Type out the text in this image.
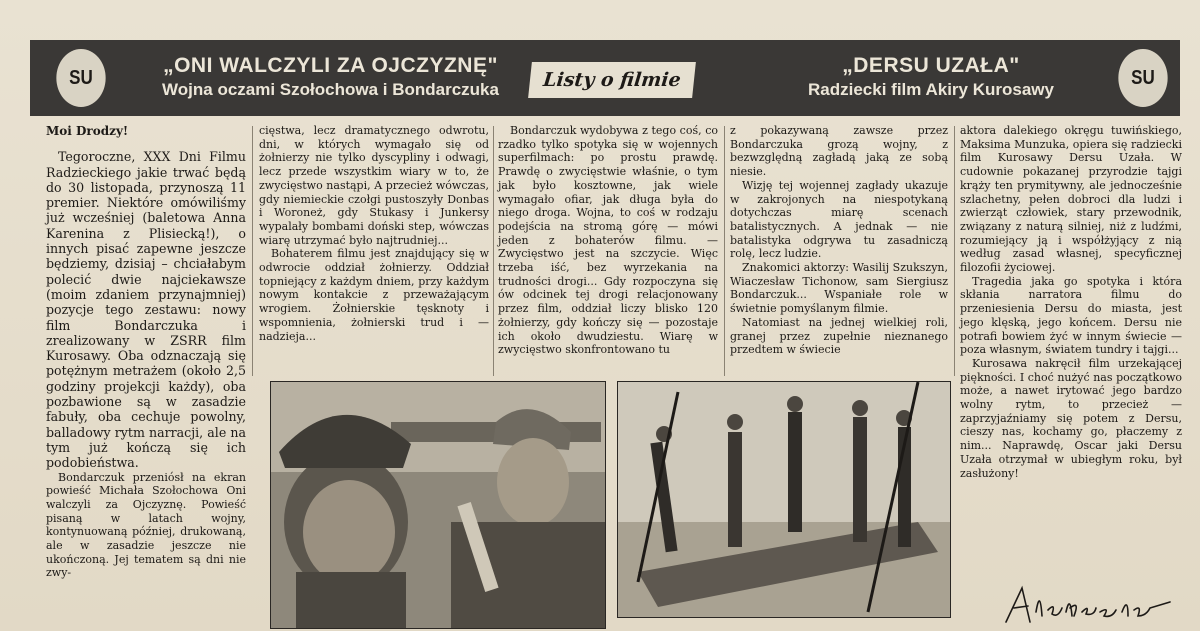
SU
„ONI WALCZYLI ZA OJCZYZNĘ"
Wojna oczami Szołochowa i Bondarczuka	Listy o filmie
„DERSU UZAŁA"
Radziecki film Akiry Kurosawy
SU

Moi Drodzy!

Tegoroczne, XXX Dni Filmu Radzieckiego jakie trwać będą do 30 listopada, przynoszą 11 premier. Niektóre omówiliśmy już wcześniej (baletowa Anna Karenina z Plisiecką!), o innych pisać zapewne jeszcze będziemy, dzisiaj – chciałabym polecić dwie najciekawsze (moim zdaniem przynajmniej) pozycje tego zestawu: nowy film Bondarczuka i zrealizowany w ZSRR film Kurosawy. Oba odznaczają się potężnym metrażem (około 2,5 godziny projekcji każdy), oba pozbawione są w zasadzie fabuły, oba cechuje powolny, balladowy rytm narracji, ale na tym już kończą się ich podobieństwa.

Bondarczuk przeniósł na ekran powieść Michała Szołochowa Oni walczyli za Ojczyznę. Powieść pisaną w latach wojny, kontynuowaną później, drukowaną, ale w zasadzie jeszcze nie ukończoną. Jej tematem są dni nie zwy-

cięstwa, lecz dramatycznego odwrotu, dni, w których wymagało się od żołnierzy nie tylko dyscypliny i odwagi, lecz przede wszystkim wiary w to, że zwycięstwo nastąpi, A przecież wówczas, gdy niemieckie czołgi pustoszyły Donbas i Woroneż, gdy Stukasy i Junkersy wypalały bombami doński step, wówczas wiarę utrzymać było najtrudniej...

Bohaterem filmu jest znajdujący się w odwrocie oddział żołnierzy. Oddział topniejący z każdym dniem, przy każdym nowym kontakcie z przeważającym wrogiem. Żołnierskie tęsknoty i wspomnienia, żołnierski trud i — nadzieja...

Bondarczuk wydobywa z tego coś, co rzadko tylko spotyka się w wojennych superfilmach: po prostu prawdę. Prawdę o zwycięstwie właśnie, o tym jak było kosztowne, jak wiele wymagało ofiar, jak długa była do niego droga. Wojna, to coś w rodzaju podejścia na stromą górę — mówi jeden z bohaterów filmu. — Zwycięstwo jest na szczycie. Więc trzeba iść, bez wyrzekania na trudności drogi... Gdy rozpoczyna się ów odcinek tej drogi relacjonowany przez film, oddział liczy blisko 120 żołnierzy, gdy kończy się — pozostaje ich około dwudziestu. Wiarę w zwycięstwo skonfrontowano tu

z pokazywaną zawsze przez Bondarczuka grozą wojny, z bezwzględną zagładą jaką ze sobą niesie.

Wizję tej wojennej zagłady ukazuje w zakrojonych na niespotykaną dotychczas miarę scenach batalistycznych. A jednak — nie batalistyka odgrywa tu zasadniczą rolę, lecz ludzie.

Znakomici aktorzy: Wasilij Szukszyn, Wiaczesław Tichonow, sam Siergiusz Bondarczuk... Wspaniałe role w świetnie pomyślanym filmie.

Natomiast na jednej wielkiej roli, granej przez zupełnie nieznanego przedtem w świecie

aktora dalekiego okręgu tuwińskiego, Maksima Munzuka, opiera się radziecki film Kurosawy Dersu Uzała. W cudownie pokazanej przyrodzie tajgi krąży ten prymitywny, ale jednocześnie szlachetny, pełen dobroci dla ludzi i zwierząt człowiek, stary przewodnik, związany z naturą silniej, niż z ludźmi, rozumiejący ją i współżyjący z nią według zasad własnej, specyficznej filozofii życiowej.

Tragedia jaka go spotyka i która skłania narratora filmu do przeniesienia Dersu do miasta, jest jego klęską, jego końcem. Dersu nie potrafi bowiem żyć w innym świecie — poza własnym, światem tundry i tajgi...

Kurosawa nakręcił film urzekającej piękności. I choć nużyć nas początkowo może, a nawet irytować jego bardzo wolny rytm, to przecież — zaprzyjaźniamy się potem z Dersu, cieszy nas, kochamy go, płaczemy z nim... Naprawdę, Oscar jaki Dersu Uzała otrzymał w ubiegłym roku, był zasłużony!
